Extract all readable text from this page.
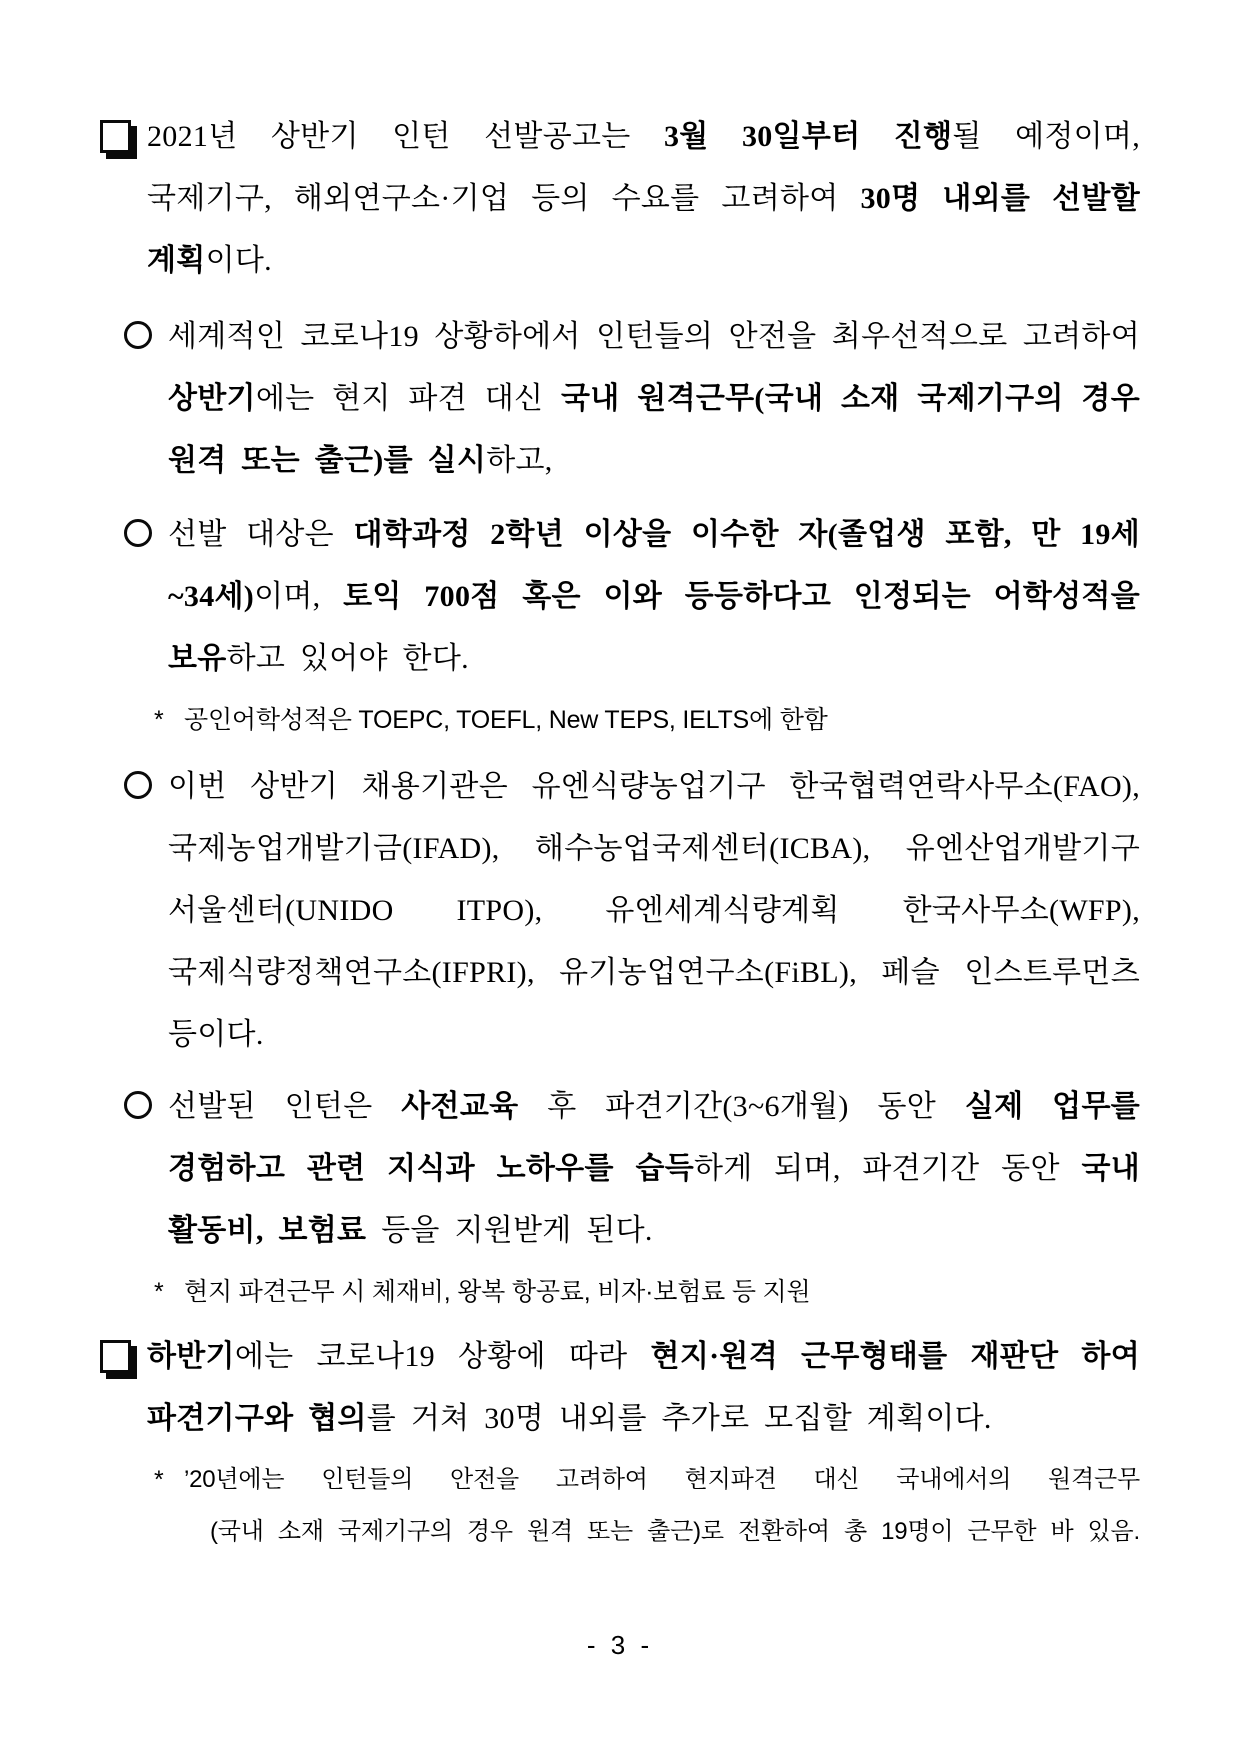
2021년 상반기 인턴 선발공고는 3월 30일부터 진행될 예정이며, 국제기구, 해외연구소·기업 등의 수요를 고려하여 30명 내외를 선발할 계획이다.
세계적인 코로나19 상황하에서 인턴들의 안전을 최우선적으로 고려하여 상반기에는 현지 파견 대신 국내 원격근무(국내 소재 국제기구의 경우 원격 또는 출근)를 실시하고,
선발 대상은 대학과정 2학년 이상을 이수한 자(졸업생 포함, 만 19세~34세)이며, 토익 700점 혹은 이와 등등하다고 인정되는 어학성적을 보유하고 있어야 한다.
* 공인어학성적은 TOEPC, TOEFL, New TEPS, IELTS에 한함
이번 상반기 채용기관은 유엔식량농업기구 한국협력연락사무소(FAO), 국제농업개발기금(IFAD), 해수농업국제센터(ICBA), 유엔산업개발기구 서울센터(UNIDO ITPO), 유엔세계식량계획 한국사무소(WFP), 국제식량정책연구소(IFPRI), 유기농업연구소(FiBL), 페슬 인스트루먼츠 등이다.
선발된 인턴은 사전교육 후 파견기간(3~6개월) 동안 실제 업무를 경험하고 관련 지식과 노하우를 습득하게 되며, 파견기간 동안 국내 활동비, 보험료 등을 지원받게 된다.
* 현지 파견근무 시 체재비, 왕복 항공료, 비자·보험료 등 지원
하반기에는 코로나19 상황에 따라 현지·원격 근무형태를 재판단 하여 파견기구와 협의를 거쳐 30명 내외를 추가로 모집할 계획이다.
* ’20년에는 인턴들의 안전을 고려하여 현지파견 대신 국내에서의 원격근무
(국내 소재 국제기구의 경우 원격 또는 출근)로 전환하여 총 19명이 근무한 바 있음.
- 3 -
